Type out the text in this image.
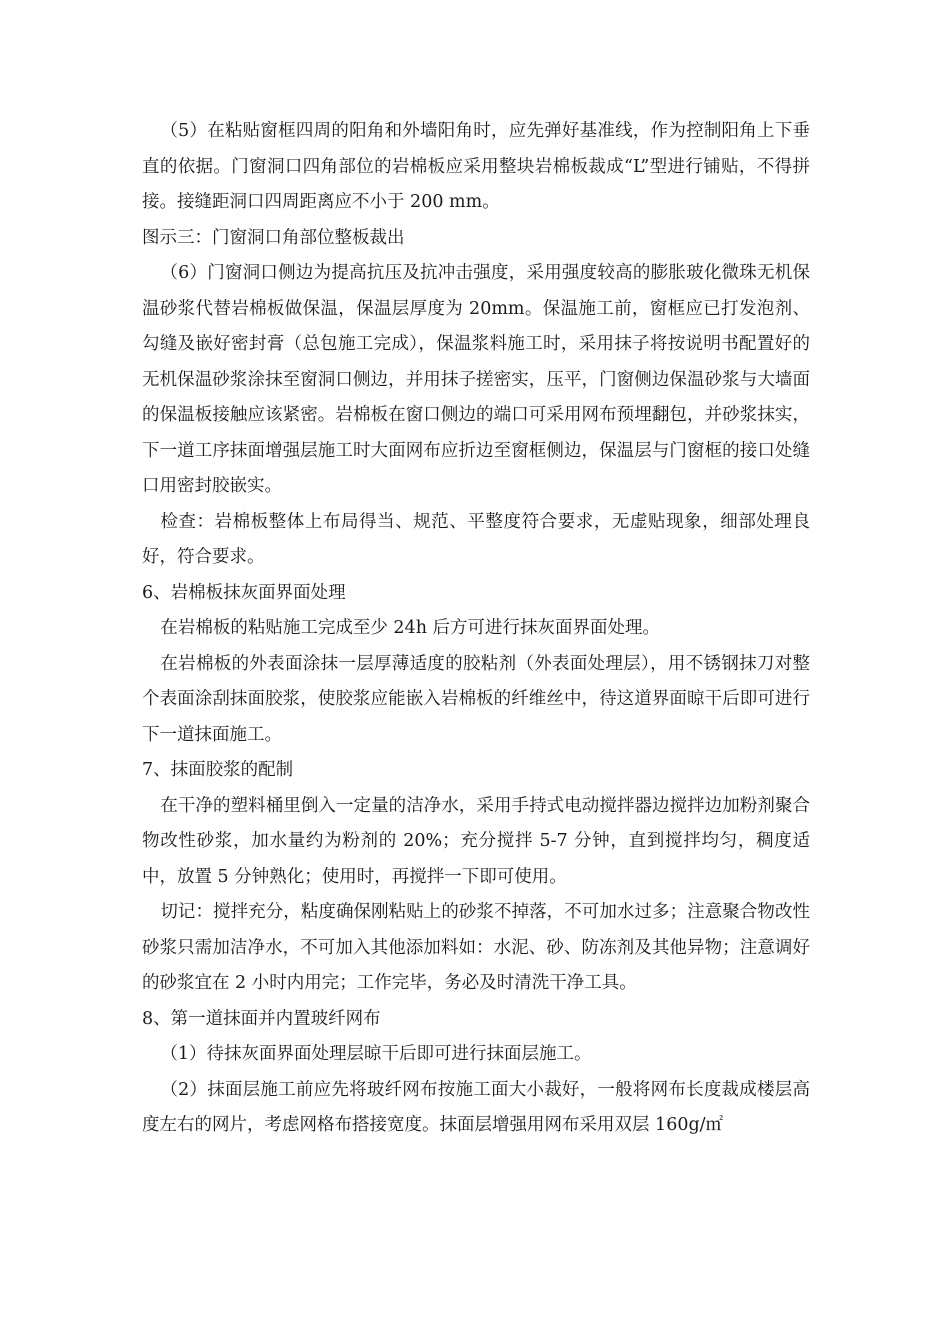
（5）在粘贴窗框四周的阳角和外墙阳角时，应先弹好基准线，作为控制阳角上下垂直的依据。门窗洞口四角部位的岩棉板应采用整块岩棉板裁成“L”型进行铺贴，不得拼接。接缝距洞口四周距离应不小于 200 mm。

图示三：门窗洞口角部位整板裁出

（6）门窗洞口侧边为提高抗压及抗冲击强度，采用强度较高的膨胀玻化微珠无机保温砂浆代替岩棉板做保温，保温层厚度为 20mm。保温施工前，窗框应已打发泡剂、勾缝及嵌好密封膏（总包施工完成），保温浆料施工时，采用抹子将按说明书配置好的无机保温砂浆涂抹至窗洞口侧边，并用抹子搓密实，压平，门窗侧边保温砂浆与大墙面的保温板接触应该紧密。岩棉板在窗口侧边的端口可采用网布预埋翻包，并砂浆抹实，下一道工序抹面增强层施工时大面网布应折边至窗框侧边，保温层与门窗框的接口处缝口用密封胶嵌实。

检查：岩棉板整体上布局得当、规范、平整度符合要求，无虚贴现象，细部处理良好，符合要求。

6、岩棉板抹灰面界面处理

在岩棉板的粘贴施工完成至少 24h 后方可进行抹灰面界面处理。

在岩棉板的外表面涂抹一层厚薄适度的胶粘剂（外表面处理层），用不锈钢抹刀对整个表面涂刮抹面胶浆，使胶浆应能嵌入岩棉板的纤维丝中，待这道界面晾干后即可进行下一道抹面施工。

7、抹面胶浆的配制

在干净的塑料桶里倒入一定量的洁净水，采用手持式电动搅拌器边搅拌边加粉剂聚合物改性砂浆，加水量约为粉剂的 20%；充分搅拌 5-7 分钟，直到搅拌均匀，稠度适中，放置 5 分钟熟化；使用时，再搅拌一下即可使用。

切记：搅拌充分，粘度确保刚粘贴上的砂浆不掉落，不可加水过多；注意聚合物改性砂浆只需加洁净水，不可加入其他添加料如：水泥、砂、防冻剂及其他异物；注意调好的砂浆宜在 2 小时内用完；工作完毕，务必及时清洗干净工具。

8、第一道抹面并内置玻纤网布

（1）待抹灰面界面处理层晾干后即可进行抹面层施工。

（2）抹面层施工前应先将玻纤网布按施工面大小裁好，一般将网布长度裁成楼层高度左右的网片，考虑网格布搭接宽度。抹面层增强用网布采用双层 160g/㎡
